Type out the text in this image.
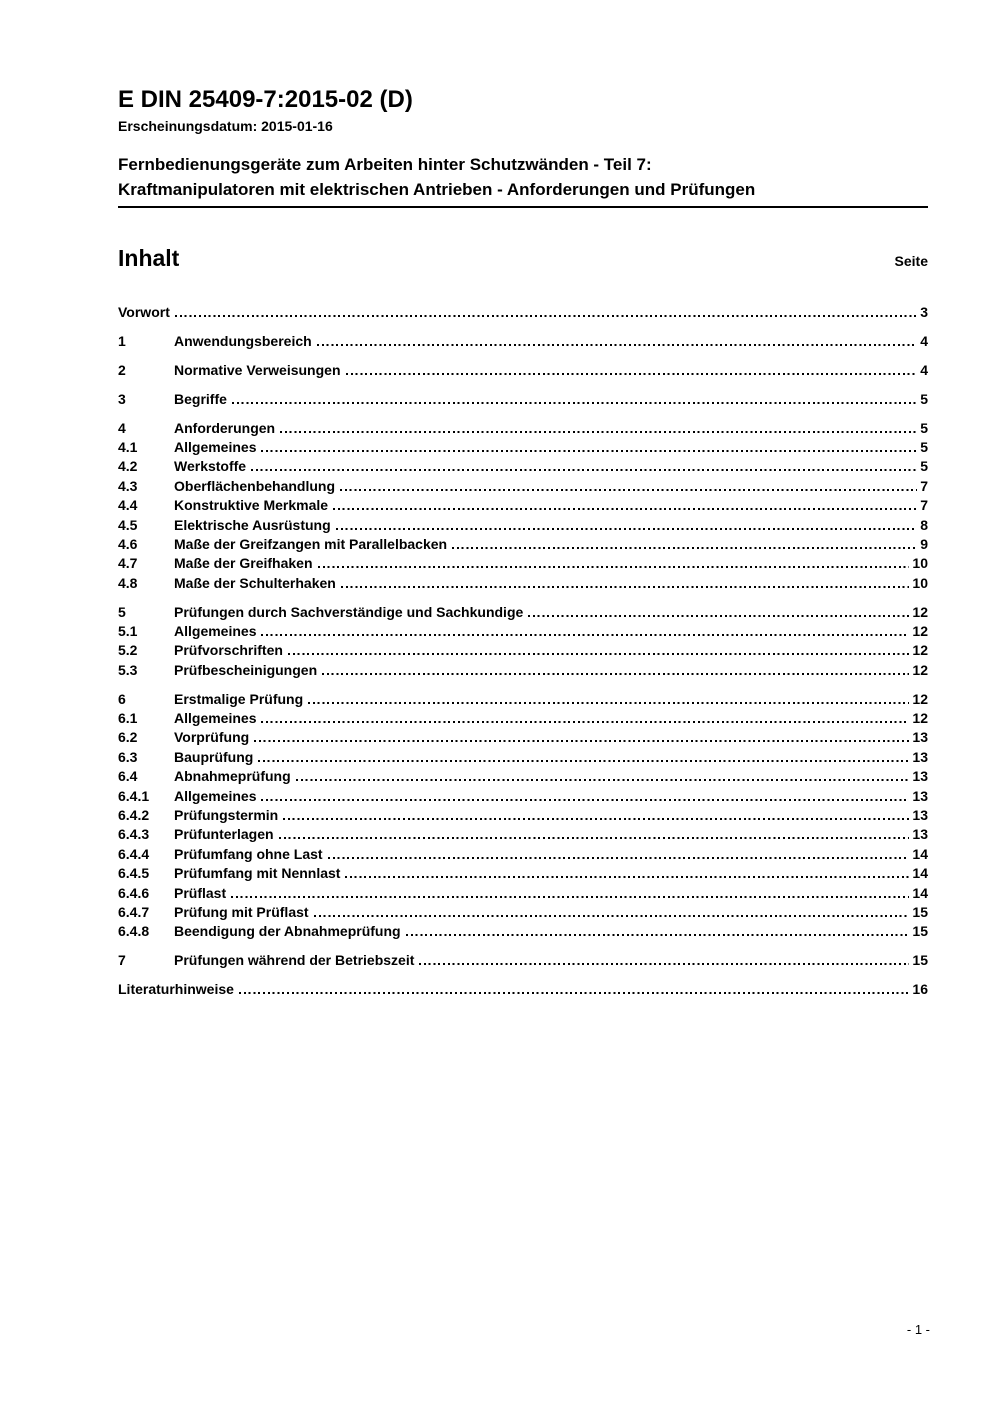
E DIN 25409-7:2015-02 (D)
Erscheinungsdatum: 2015-01-16
Fernbedienungsgeräte zum Arbeiten hinter Schutzwänden - Teil 7:
Kraftmanipulatoren mit elektrischen Antrieben - Anforderungen und Prüfungen
Inhalt	Seite
Vorwort	3
1	Anwendungsbereich	4
2	Normative Verweisungen	4
3	Begriffe	5
4	Anforderungen	5
4.1	Allgemeines	5
4.2	Werkstoffe	5
4.3	Oberflächenbehandlung	7
4.4	Konstruktive Merkmale	7
4.5	Elektrische Ausrüstung	8
4.6	Maße der Greifzangen mit Parallelbacken	9
4.7	Maße der Greifhaken	10
4.8	Maße der Schulterhaken	10
5	Prüfungen durch Sachverständige und Sachkundige	12
5.1	Allgemeines	12
5.2	Prüfvorschriften	12
5.3	Prüfbescheinigungen	12
6	Erstmalige Prüfung	12
6.1	Allgemeines	12
6.2	Vorprüfung	13
6.3	Bauprüfung	13
6.4	Abnahmeprüfung	13
6.4.1	Allgemeines	13
6.4.2	Prüfungstermin	13
6.4.3	Prüfunterlagen	13
6.4.4	Prüfumfang ohne Last	14
6.4.5	Prüfumfang mit Nennlast	14
6.4.6	Prüflast	14
6.4.7	Prüfung mit Prüflast	15
6.4.8	Beendigung der Abnahmeprüfung	15
7	Prüfungen während der Betriebszeit	15
Literaturhinweise	16
- 1 -
